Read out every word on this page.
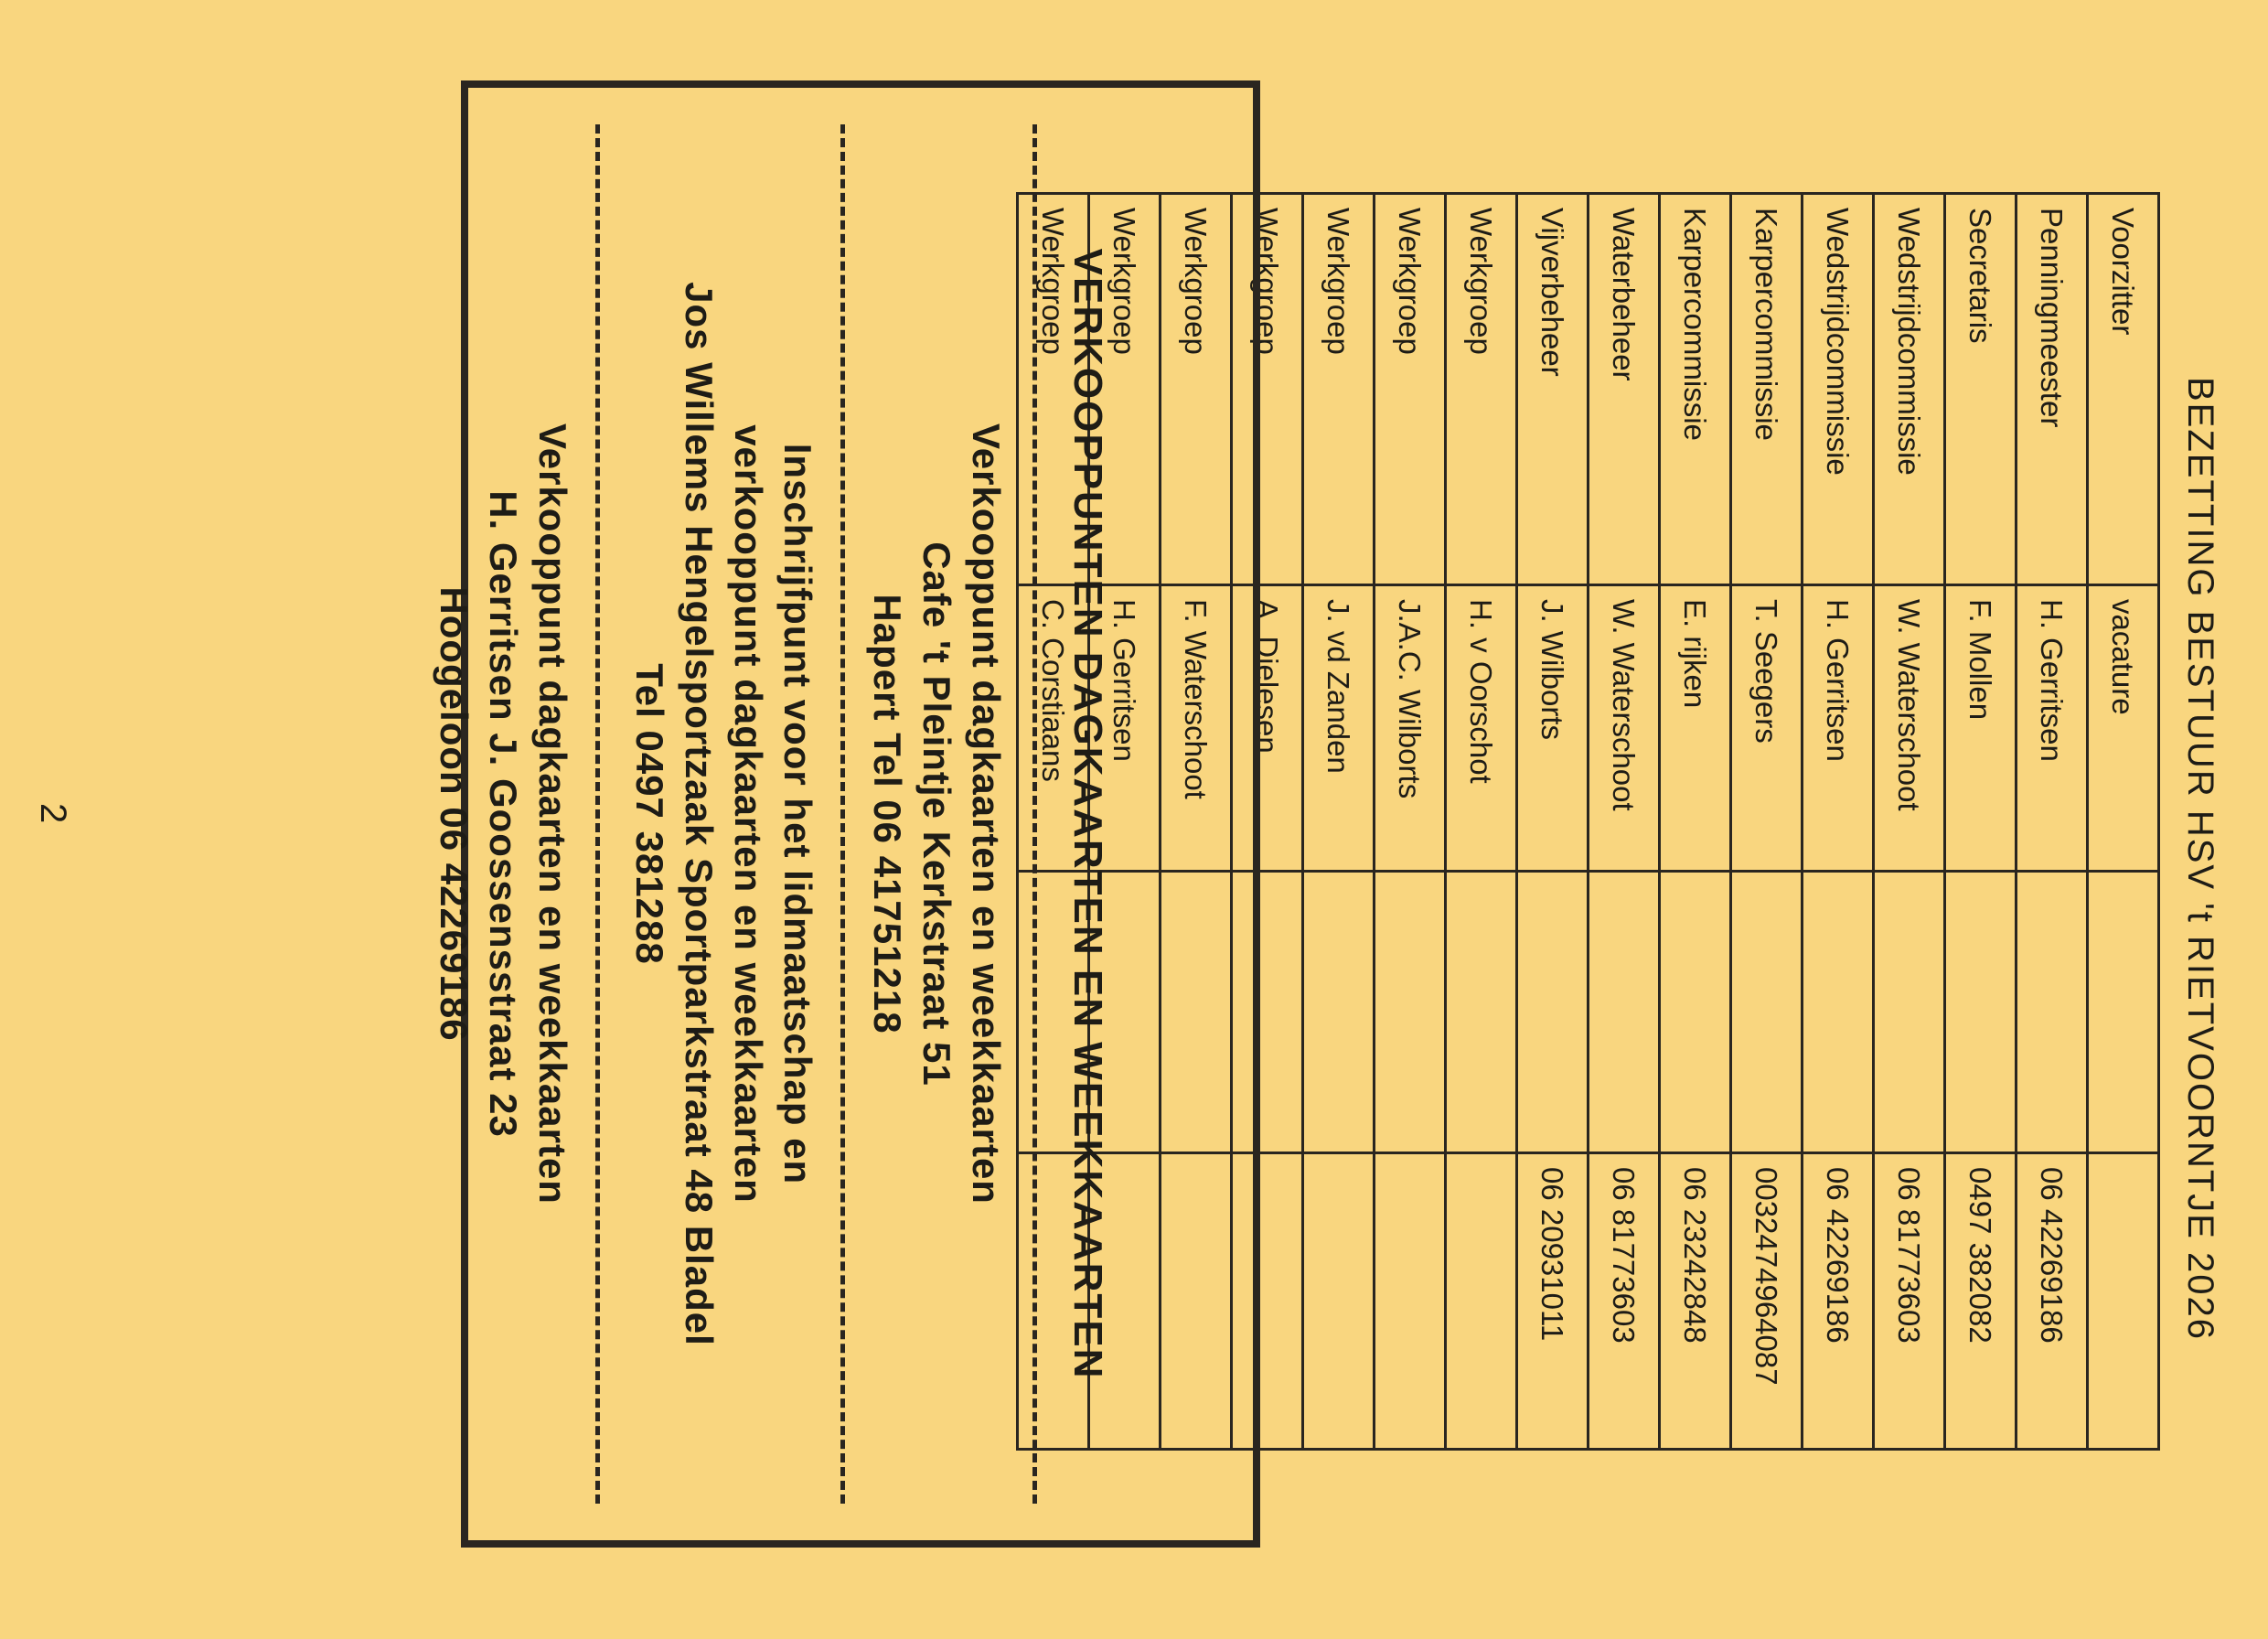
BEZETTING BESTUUR HSV 't RIETVOORNTJE 2026
Voorzitter	vacature		
Penningmeester	H. Gerritsen		06 42269186
Secretaris	F. Mollen		0497 382082
Wedstrijdcommissie	W. Waterschoot		06 81773603
Wedstrijdcommissie	H. Gerritsen		06 42269186
Karpercommissie	T. Seegers		0032474964087
Karpercommissie	E. rijken		06 23242848
Waterbeheer	W. Waterschoot		06 81773603
Vijverbeheer	J. Wilborts		06 20931011
Werkgroep	H. v Oorschot		
Werkgroep	J.A.C. Wilborts		
Werkgroep	J. vd Zanden		
Werkgroep	A. Dielesen		
Werkgroep	F. Waterschoot		
Werkgroep	H. Gerritsen		
Werkgroep	C. Corstiaans		
VERKOOPPUNTEN DAGKAARTEN EN WEEKKAARTEN
Verkooppunt dagkaarten en weekkaarten
Cafe 't Pleintje Kerkstraat 51
Hapert Tel 06 41751218
Inschrijfpunt voor het lidmaatschap en
verkooppunt dagkaarten en weekkaarten
Jos Willems Hengelsportzaak Sportparkstraat 48 Bladel
Tel 0497 381288
Verkooppunt dagkaarten en weekkaarten
H. Gerritsen J. Goossensstraat 23
Hoogeloon 06 42269186
2
